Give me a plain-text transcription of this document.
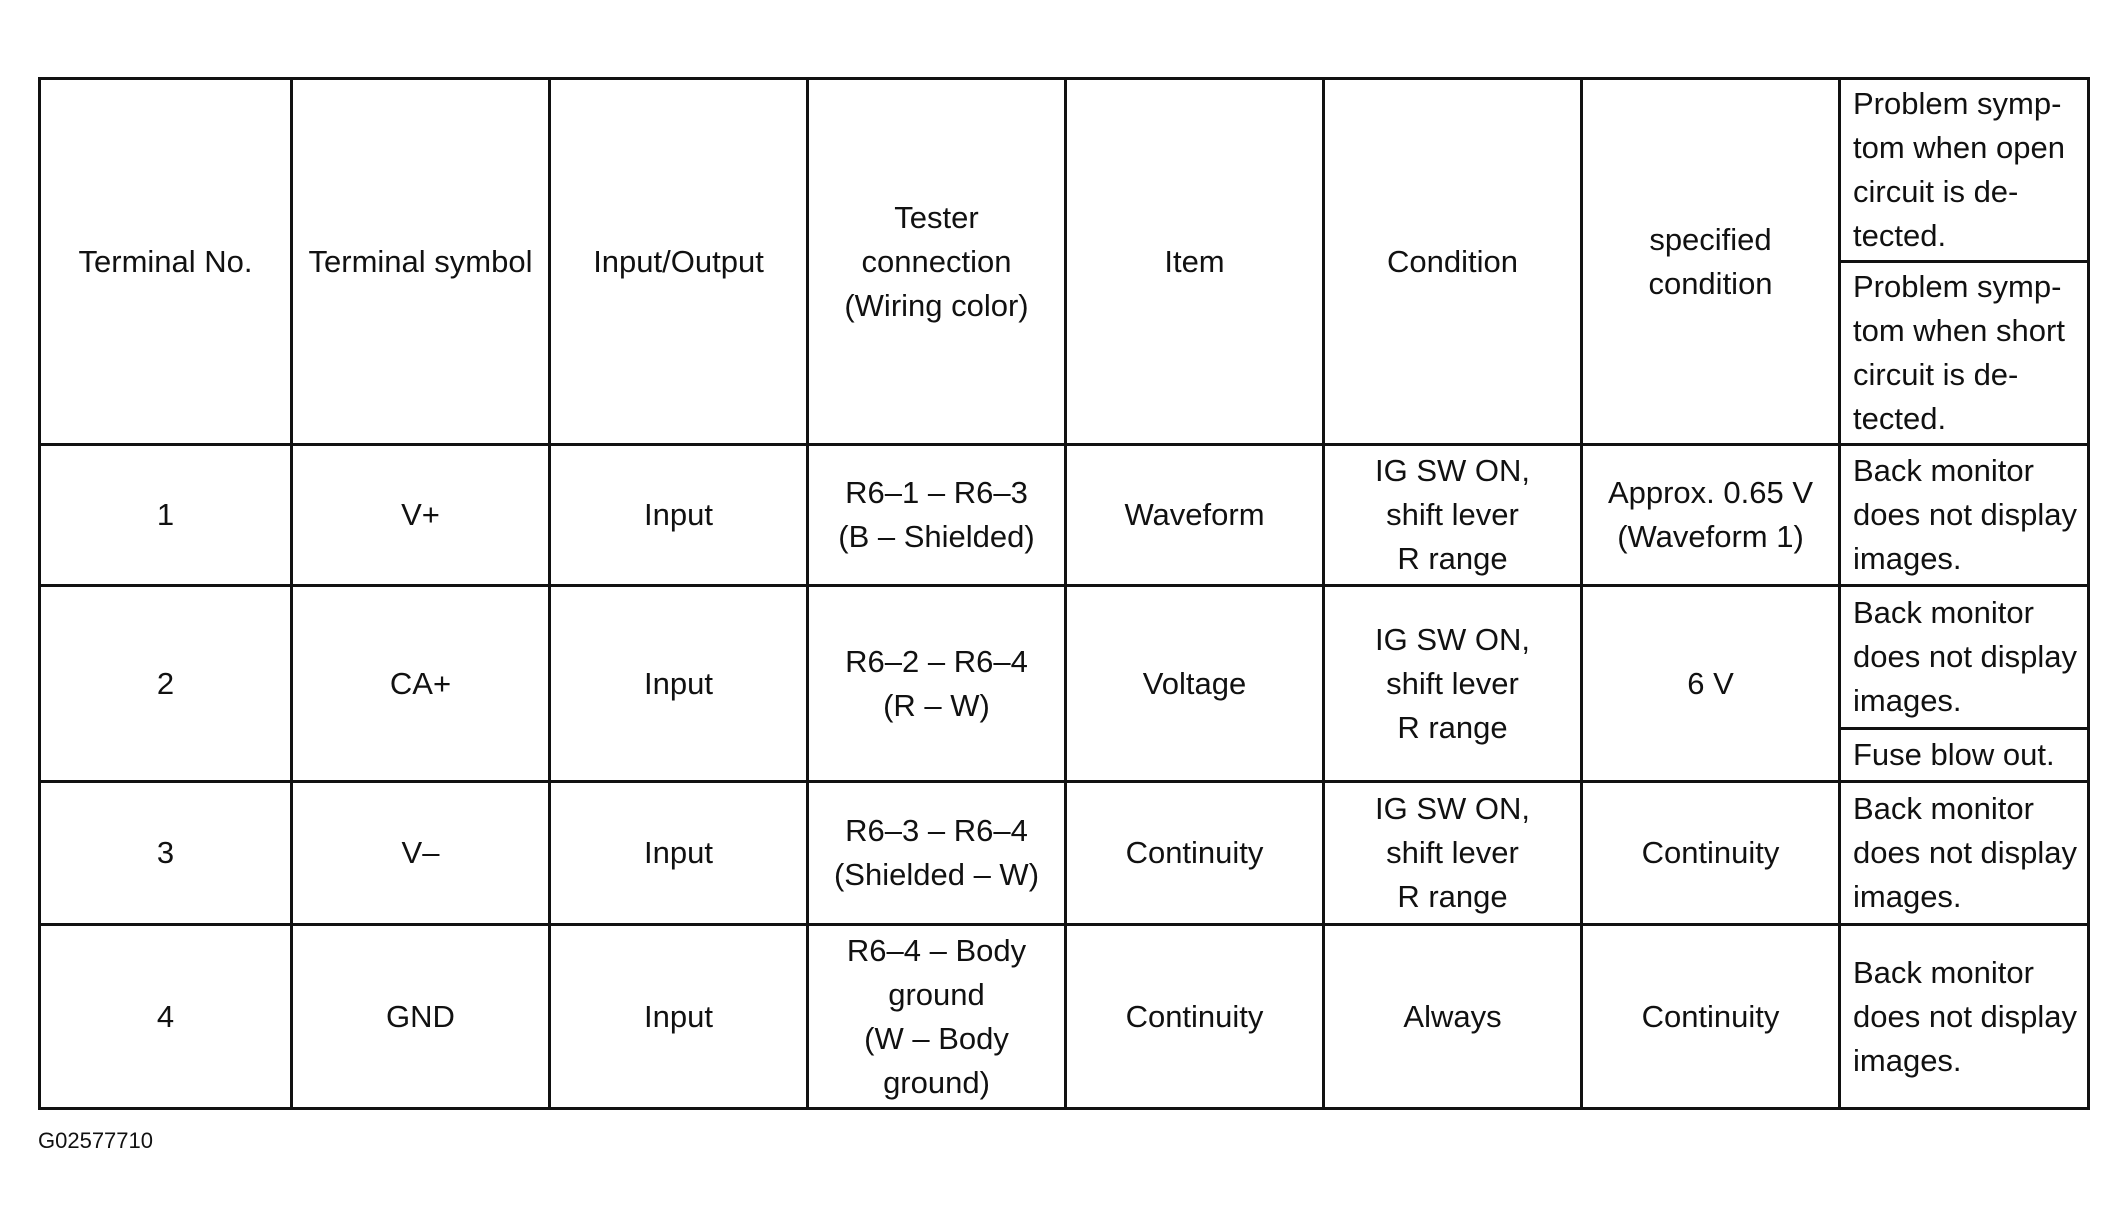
Terminal No.	Terminal symbol	Input/Output	Tester
connection
(Wiring color)	Item	Condition	specified
condition	Problem symp-
tom when open
circuit is de-
tected.

							Problem symp-
tom when short
circuit is de-
tected.

1	V+	Input	R6–1 – R6–3
(B – Shielded)	Waveform	IG SW ON,
shift lever
R range	Approx. 0.65 V
(Waveform 1)	Back monitor
does not display
images.

2	CA+	Input	R6–2 – R6–4
(R – W)	Voltage	IG SW ON,
shift lever
R range	6 V	Back monitor
does not display
images.

							Fuse blow out.

3	V–	Input	R6–3 – R6–4
(Shielded – W)	Continuity	IG SW ON,
shift lever
R range	Continuity	Back monitor
does not display
images.

4	GND	Input	R6–4 – Body
ground
(W – Body
ground)	Continuity	Always	Continuity	Back monitor
does not display
images.
G02577710
